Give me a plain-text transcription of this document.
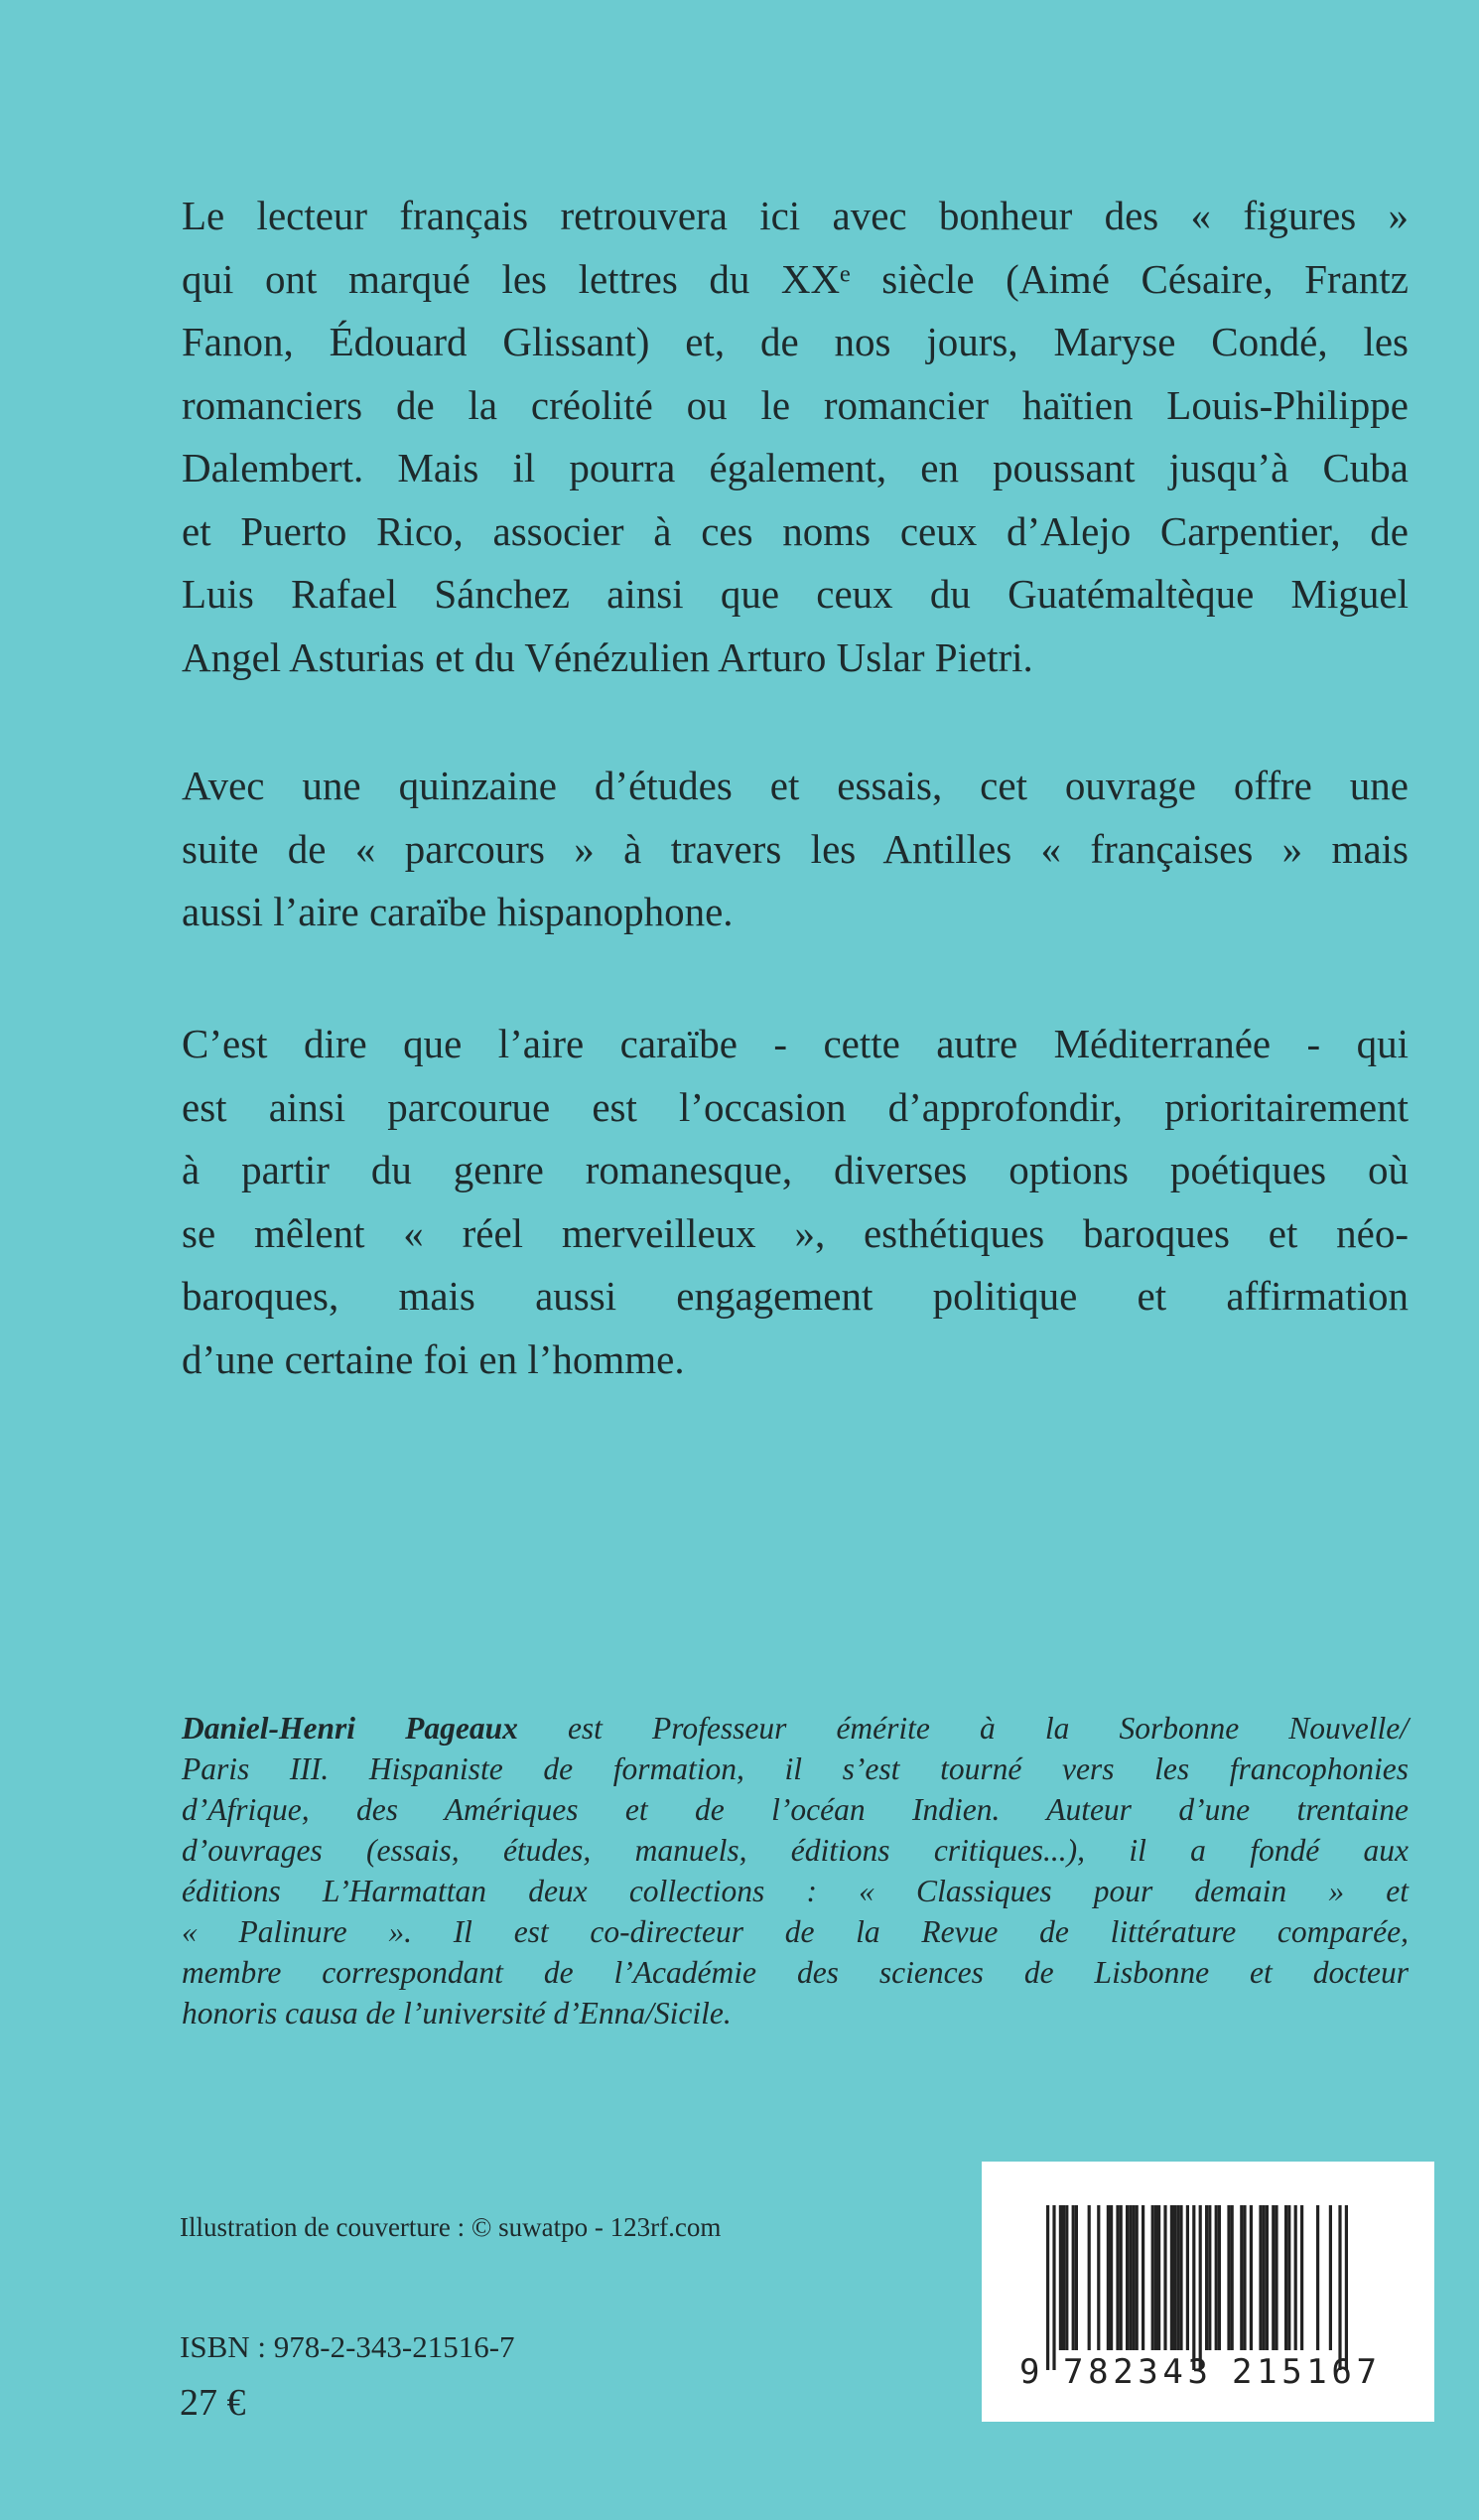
Le lecteur français retrouvera ici avec bonheur des « figures »
qui ont marqué les lettres du XXᵉ siècle (Aimé Césaire, Frantz
Fanon, Édouard Glissant) et, de nos jours, Maryse Condé, les
romanciers de la créolité ou le romancier haïtien Louis-Philippe
Dalembert. Mais il pourra également, en poussant jusqu’à Cuba
et Puerto Rico, associer à ces noms ceux d’Alejo Carpentier, de
Luis Rafael Sánchez ainsi que ceux du Guatémaltèque Miguel
Angel Asturias et du Vénézulien Arturo Uslar Pietri.
Avec une quinzaine d’études et essais, cet ouvrage offre une
suite de « parcours » à travers les Antilles « françaises » mais
aussi l’aire caraïbe hispanophone.
C’est dire que l’aire caraïbe - cette autre Méditerranée - qui
est ainsi parcourue est l’occasion d’approfondir, prioritairement
à partir du genre romanesque, diverses options poétiques où
se mêlent « réel merveilleux », esthétiques baroques et néo-
baroques, mais aussi engagement politique et affirmation
d’une certaine foi en l’homme.
Daniel-Henri Pageaux est Professeur émérite à la Sorbonne Nouvelle/
Paris III. Hispaniste de formation, il s’est tourné vers les francophonies
d’Afrique, des Amériques et de l’océan Indien. Auteur d’une trentaine
d’ouvrages (essais, études, manuels, éditions critiques...), il a fondé aux
éditions L’Harmattan deux collections : « Classiques pour demain » et
« Palinure ». Il est co-directeur de la Revue de littérature comparée,
membre correspondant de l’Académie des sciences de Lisbonne et docteur
honoris causa de l’université d’Enna/Sicile.
Illustration de couverture : © suwatpo - 123rf.com
ISBN : 978-2-343-21516-7
27 €
9 782343 215167
